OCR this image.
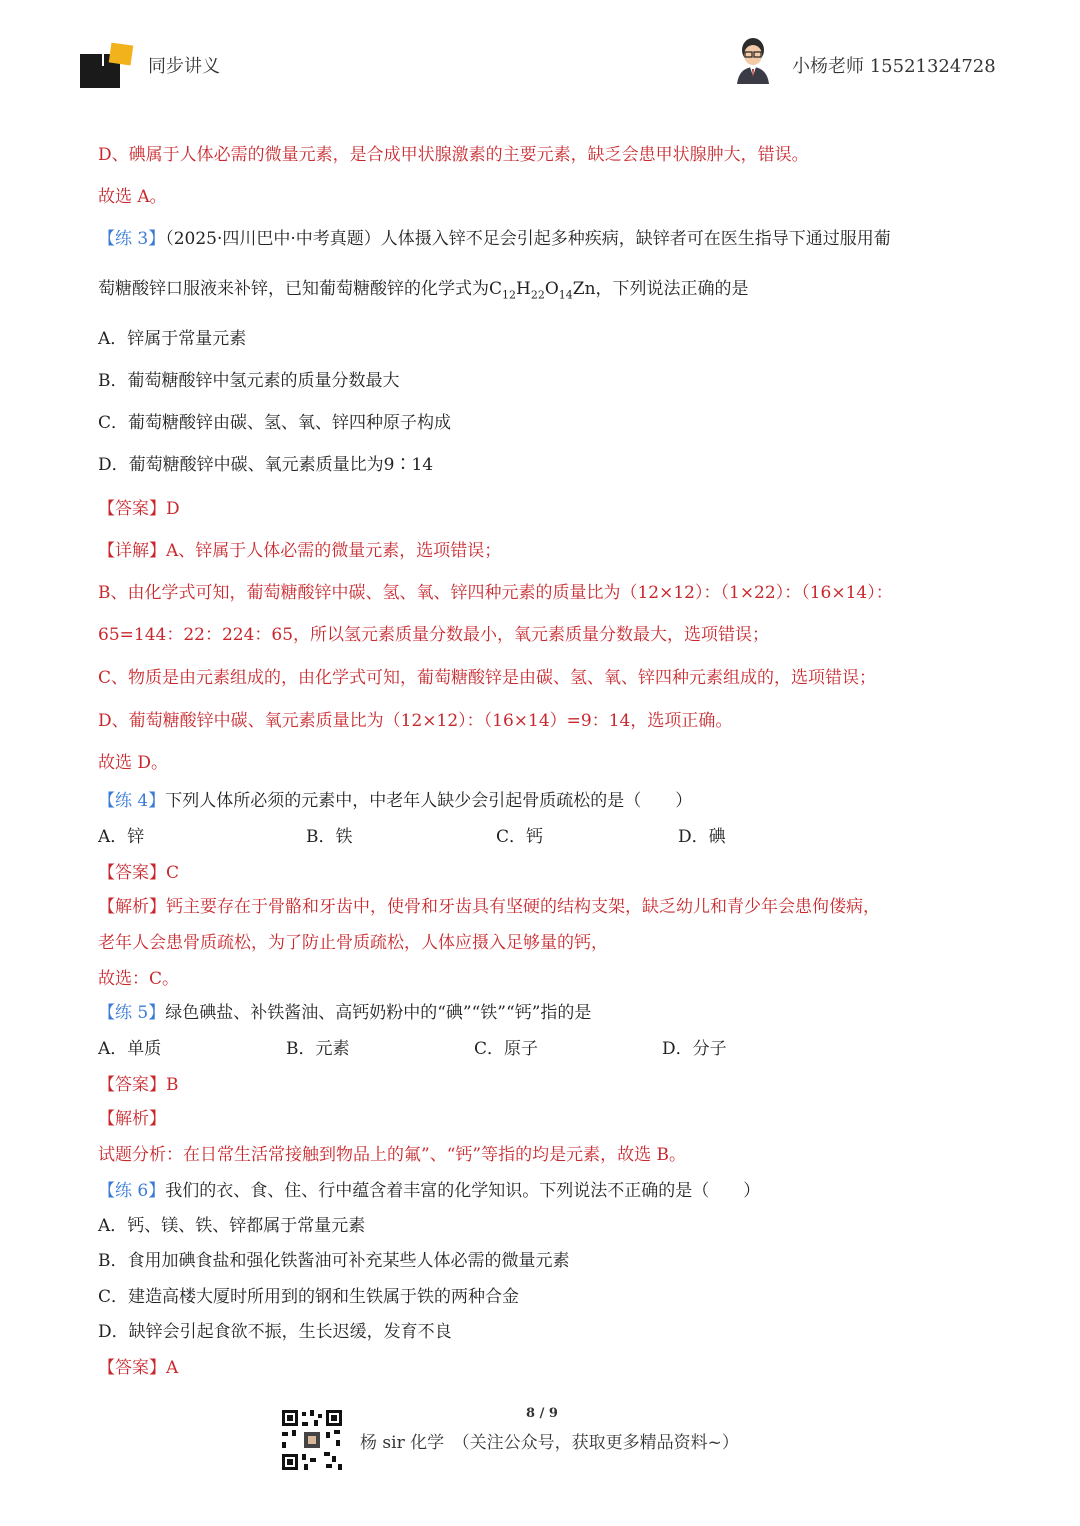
同步讲义	小杨老师 15521324728
D、碘属于人体必需的微量元素，是合成甲状腺激素的主要元素，缺乏会患甲状腺肿大，错误。
故选 A。
【练 3】（2025·四川巴中·中考真题）人体摄入锌不足会引起多种疾病，缺锌者可在医生指导下通过服用葡
萄糖酸锌口服液来补锌，已知葡萄糖酸锌的化学式为$C_{12}H_{22}O_{14}Zn$，下列说法正确的是
A．锌属于常量元素
B．葡萄糖酸锌中氢元素的质量分数最大
C．葡萄糖酸锌由碳、氢、氧、锌四种原子构成
D．葡萄糖酸锌中碳、氧元素质量比为9∶14
【答案】D
【详解】A、锌属于人体必需的微量元素，选项错误；
B、由化学式可知，葡萄糖酸锌中碳、氢、氧、锌四种元素的质量比为（12×12）：（1×22）：（16×14）：
65=144：22：224：65，所以氢元素质量分数最小，氧元素质量分数最大，选项错误；
C、物质是由元素组成的，由化学式可知，葡萄糖酸锌是由碳、氢、氧、锌四种元素组成的，选项错误；
D、葡萄糖酸锌中碳、氧元素质量比为（12×12）：（16×14）=9：14，选项正确。
故选 D。
【练 4】下列人体所必须的元素中，中老年人缺少会引起骨质疏松的是（　　）
A．锌	B．铁	C．钙	D．碘
【答案】C
【解析】钙主要存在于骨骼和牙齿中，使骨和牙齿具有坚硬的结构支架，缺乏幼儿和青少年会患佝偻病，
老年人会患骨质疏松，为了防止骨质疏松，人体应摄入足够量的钙，
故选：C。
【练 5】绿色碘盐、补铁酱油、高钙奶粉中的“碘”“铁”“钙”指的是
A．单质	B．元素	C．原子	D．分子
【答案】B
【解析】
试题分析：在日常生活常接触到物品上的氟”、“钙”等指的均是元素，故选 B。
【练 6】我们的衣、食、住、行中蕴含着丰富的化学知识。下列说法不正确的是（　　）
A．钙、镁、铁、锌都属于常量元素
B．食用加碘食盐和强化铁酱油可补充某些人体必需的微量元素
C．建造高楼大厦时所用到的钢和生铁属于铁的两种合金
D．缺锌会引起食欲不振，生长迟缓，发育不良
【答案】A
8 / 9
杨 sir 化学　（关注公众号，获取更多精品资料~）
